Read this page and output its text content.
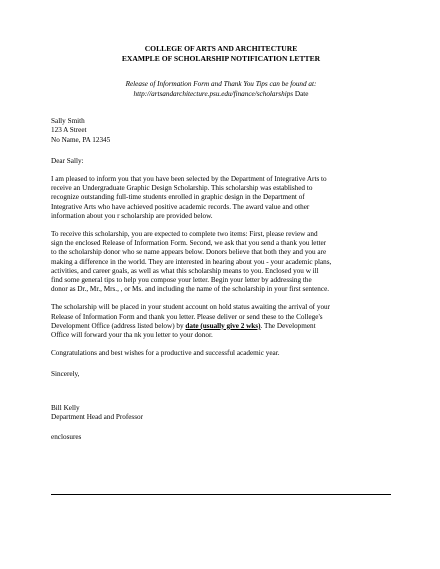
COLLEGE OF ARTS AND ARCHITECTURE
EXAMPLE OF SCHOLARSHIP NOTIFICATION LETTER
Release of Information Form and Thank You Tips can be found at:
http://artsandarchitecture.psu.edu/finance/scholarships Date
Sally Smith
123 A Street
No Name, PA 12345
Dear Sally:
I am pleased to inform you that you have been selected by the Department of Integrative Arts to
receive an Undergraduate Graphic Design Scholarship. This scholarship was established to
recognize outstanding full-time students enrolled in graphic design in the Department of
Integrative Arts who have achieved positive academic records. The award value and other
information about you r scholarship are provided below.
To receive this scholarship, you are expected to complete two items: First, please review and
sign the enclosed Release of Information Form. Second, we ask that you send a thank you letter
to the scholarship donor who se name appears below. Donors believe that both they and you are
making a difference in the world. They are interested in hearing about you - your academic plans,
activities, and career goals, as well as what this scholarship means to you. Enclosed you w ill
find some general tips to help you compose your letter. Begin your letter by addressing the
donor as Dr., Mr., Mrs., , or Ms. and including the name of the scholarship in your first sentence.
The scholarship will be placed in your student account on hold status awaiting the arrival of your
Release of Information Form and thank you letter. Please deliver or send these to the College's
Development Office (address listed below) by date (usually give 2 wks). The Development
Office will forward your tha nk you letter to your donor.
Congratulations and best wishes for a productive and successful academic year.
Sincerely,
Bill Kelly
Department Head and Professor
enclosures
